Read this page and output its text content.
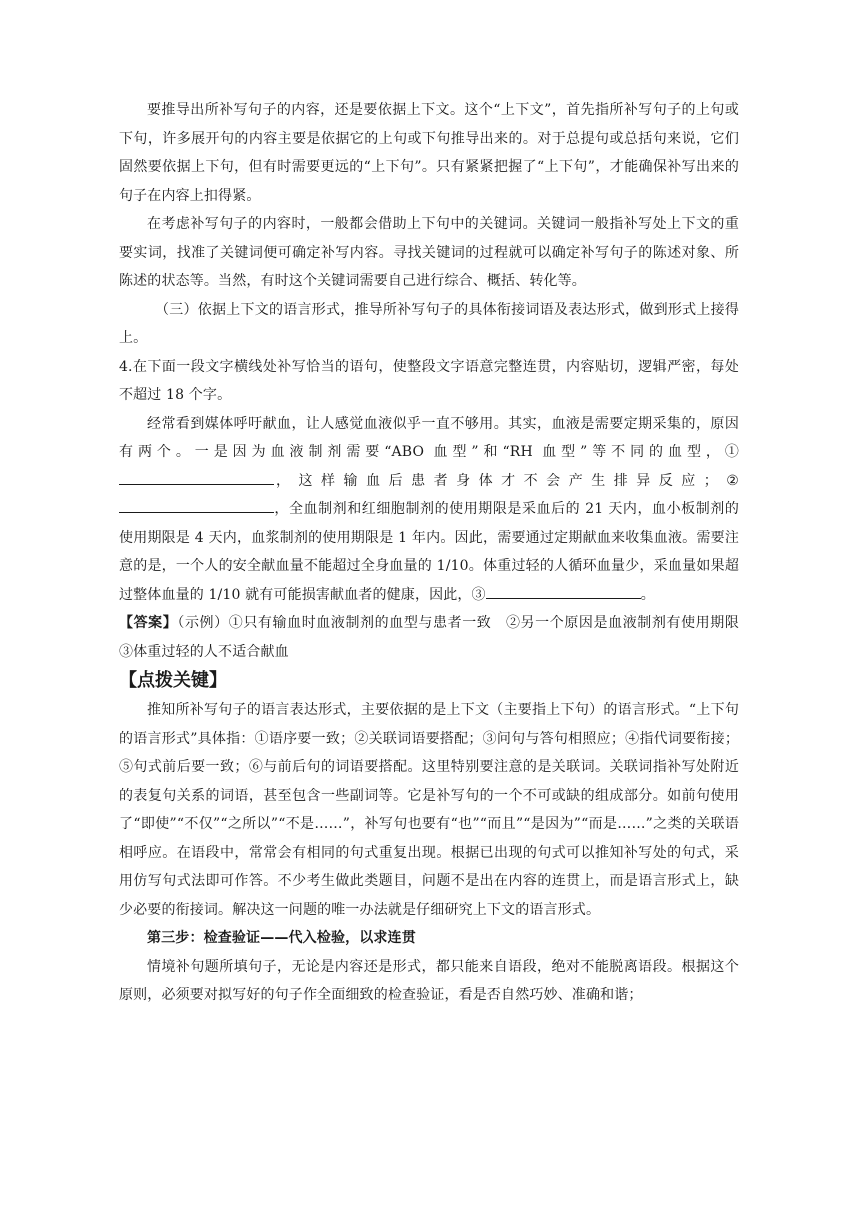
要推导出所补写句子的内容，还是要依据上下文。这个“上下文”，首先指所补写句子的上句或下句，许多展开句的内容主要是依据它的上句或下句推导出来的。对于总提句或总括句来说，它们固然要依据上下句，但有时需要更远的“上下句”。只有紧紧把握了“上下句”，才能确保补写出来的句子在内容上扣得紧。

在考虑补写句子的内容时，一般都会借助上下句中的关键词。关键词一般指补写处上下文的重要实词，找准了关键词便可确定补写内容。寻找关键词的过程就可以确定补写句子的陈述对象、所陈述的状态等。当然，有时这个关键词需要自己进行综合、概括、转化等。

（三）依据上下文的语言形式，推导所补写句子的具体衔接词语及表达形式，做到形式上接得上。

4.在下面一段文字横线处补写恰当的语句，使整段文字语意完整连贯，内容贴切，逻辑严密，每处不超过 18 个字。

经常看到媒体呼吁献血，让人感觉血液似乎一直不够用。其实，血液是需要定期采集的，原因有两个。一是因为血液制剂需要“ABO 血型”和“RH 血型”等不同的血型，①，这样输血后患者身体才不会产生排异反应；②，全血制剂和红细胞制剂的使用期限是采血后的 21 天内，血小板制剂的使用期限是 4 天内，血浆制剂的使用期限是 1 年内。因此，需要通过定期献血来收集血液。需要注意的是，一个人的安全献血量不能超过全身血量的 1/10。体重过轻的人循环血量少，采血量如果超过整体血量的 1/10 就有可能损害献血者的健康，因此，③	。

【答案】（示例）①只有输血时血液制剂的血型与患者一致　②另一个原因是血液制剂有使用期限　③体重过轻的人不适合献血

【点拨关键】

推知所补写句子的语言表达形式，主要依据的是上下文（主要指上下句）的语言形式。“上下句的语言形式”具体指：①语序要一致；②关联词语要搭配；③问句与答句相照应；④指代词要衔接；⑤句式前后要一致；⑥与前后句的词语要搭配。这里特别要注意的是关联词。关联词指补写处附近的表复句关系的词语，甚至包含一些副词等。它是补写句的一个不可或缺的组成部分。如前句使用了“即使”“不仅”“之所以”“不是……”，补写句也要有“也”“而且”“是因为”“而是……”之类的关联语相呼应。在语段中，常常会有相同的句式重复出现。根据已出现的句式可以推知补写处的句式，采用仿写句式法即可作答。不少考生做此类题目，问题不是出在内容的连贯上，而是语言形式上，缺少必要的衔接词。解决这一问题的唯一办法就是仔细研究上下文的语言形式。

第三步：检查验证——代入检验，以求连贯

情境补句题所填句子，无论是内容还是形式，都只能来自语段，绝对不能脱离语段。根据这个原则，必须要对拟写好的句子作全面细致的检查验证，看是否自然巧妙、准确和谐；
